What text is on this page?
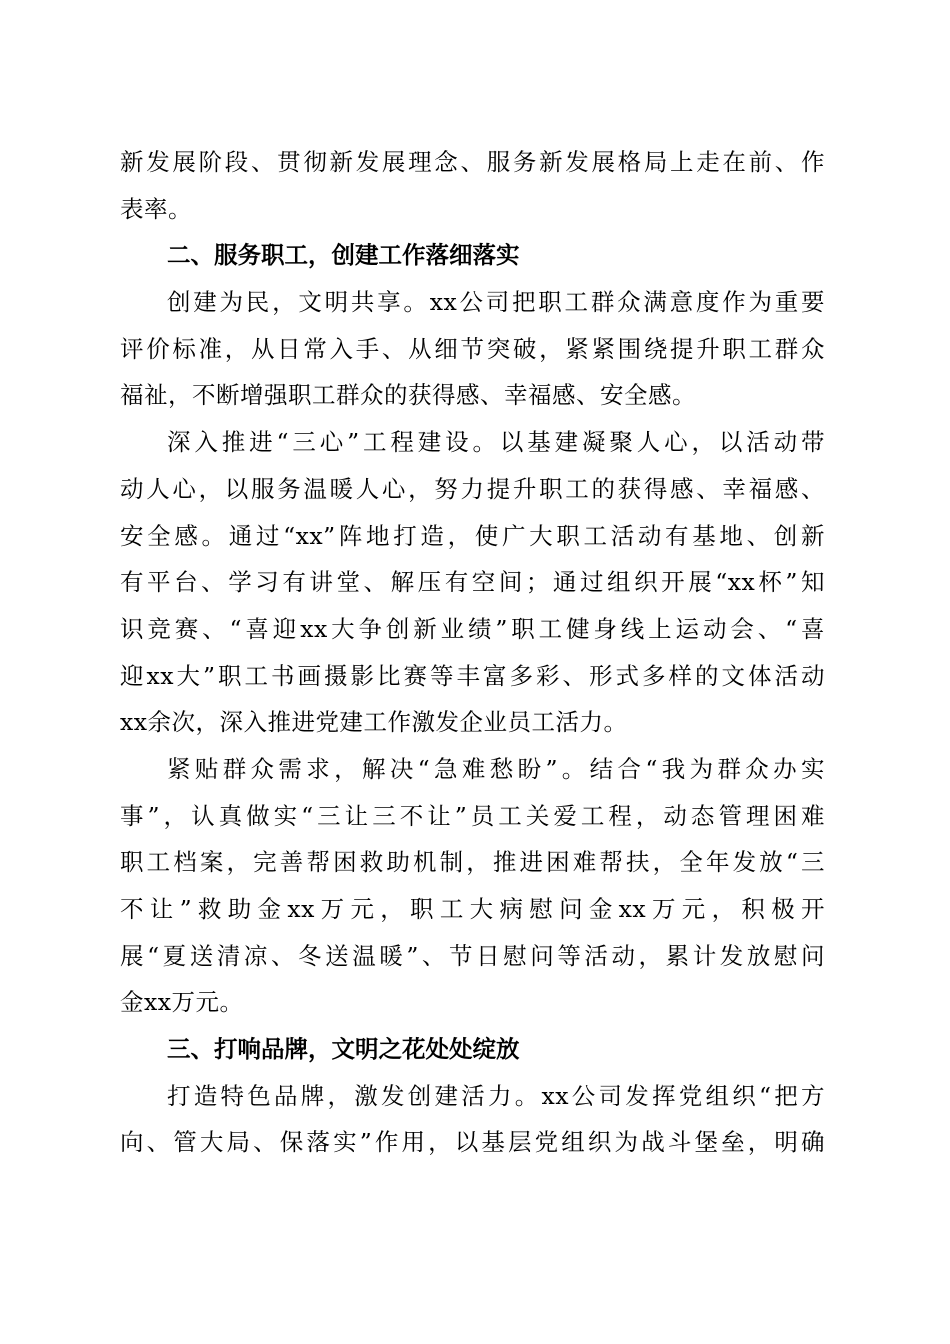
新发展阶段、贯彻新发展理念、服务新发展格局上走在前、作
表率。
二、服务职工，创建工作落细落实
创建为民，文明共享。xx公司把职工群众满意度作为重要
评价标准，从日常入手、从细节突破，紧紧围绕提升职工群众
福祉，不断增强职工群众的获得感、幸福感、安全感。
深入推进“三心”工程建设。以基建凝聚人心，以活动带
动人心，以服务温暖人心，努力提升职工的获得感、幸福感、
安全感。通过“xx”阵地打造，使广大职工活动有基地、创新
有平台、学习有讲堂、解压有空间；通过组织开展“xx杯”知
识竞赛、“喜迎xx大争创新业绩”职工健身线上运动会、“喜
迎xx大”职工书画摄影比赛等丰富多彩、形式多样的文体活动
xx余次，深入推进党建工作激发企业员工活力。
紧贴群众需求，解决“急难愁盼”。结合“我为群众办实
事”，认真做实“三让三不让”员工关爱工程，动态管理困难
职工档案，完善帮困救助机制，推进困难帮扶，全年发放“三
不让”救助金xx万元，职工大病慰问金xx万元，积极开
展“夏送清凉、冬送温暖”、节日慰问等活动，累计发放慰问
金xx万元。
三、打响品牌，文明之花处处绽放
打造特色品牌，激发创建活力。xx公司发挥党组织“把方
向、管大局、保落实”作用，以基层党组织为战斗堡垒，明确
